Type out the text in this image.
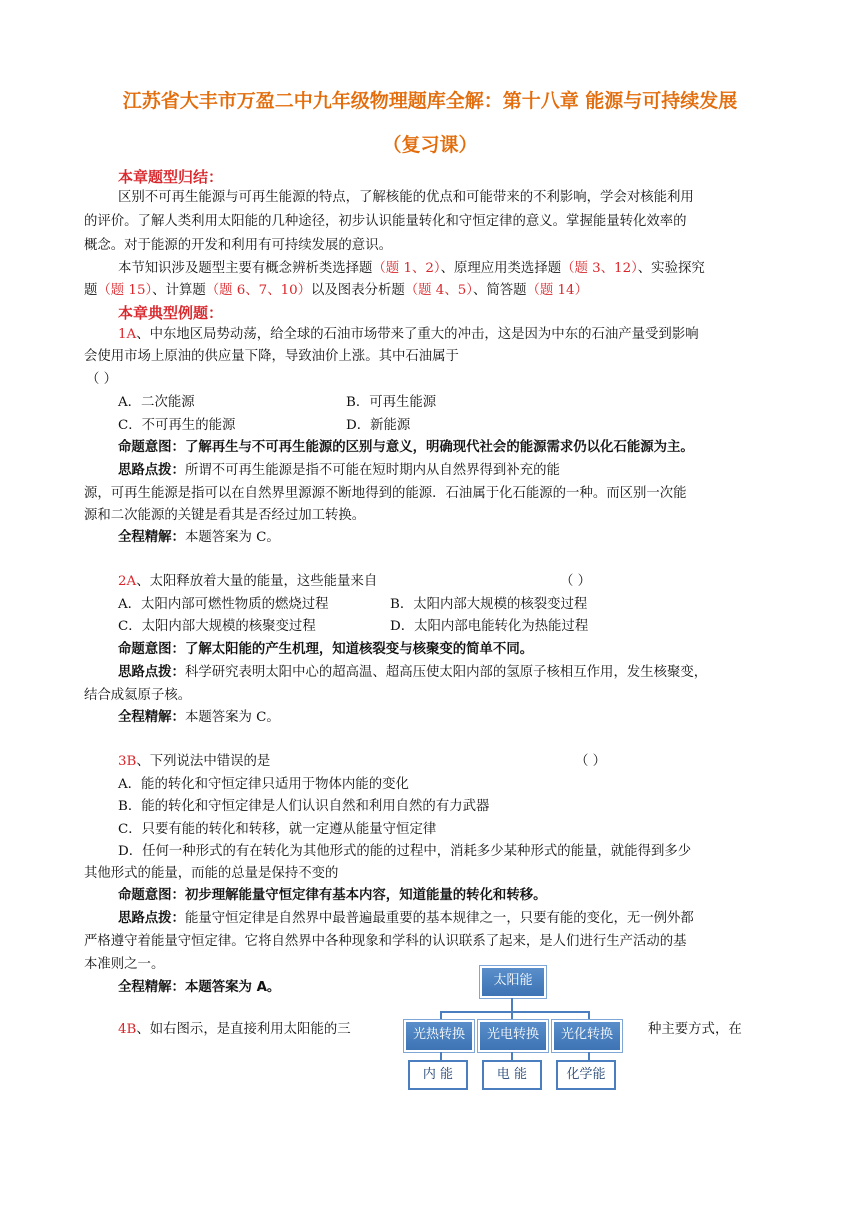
江苏省大丰市万盈二中九年级物理题库全解：第十八章 能源与可持续发展
（复习课）
本章题型归结：
区别不可再生能源与可再生能源的特点，了解核能的优点和可能带来的不利影响，学会对核能利用
的评价。了解人类利用太阳能的几种途径，初步认识能量转化和守恒定律的意义。掌握能量转化效率的
概念。对于能源的开发和利用有可持续发展的意识。
本节知识涉及题型主要有概念辨析类选择题（题 1、2）、原理应用类选择题（题 3、12）、实验探究
题（题 15）、计算题（题 6、7、10）以及图表分析题（题 4、5）、简答题（题 14）
本章典型例题：
1A、中东地区局势动荡，给全球的石油市场带来了重大的冲击，这是因为中东的石油产量受到影响
会使用市场上原油的供应量下降，导致油价上涨。其中石油属于
（ ）
A．二次能源	B．可再生能源
C．不可再生的能源	D．新能源
命题意图：了解再生与不可再生能源的区别与意义，明确现代社会的能源需求仍以化石能源为主。
思路点拨：所谓不可再生能源是指不可能在短时期内从自然界得到补充的能
源，可再生能源是指可以在自然界里源源不断地得到的能源．石油属于化石能源的一种。而区别一次能
源和二次能源的关键是看其是否经过加工转换。
全程精解：本题答案为 C。
2A、太阳释放着大量的能量，这些能量来自	（ ）
A．太阳内部可燃性物质的燃烧过程	B．太阳内部大规模的核裂变过程
C．太阳内部大规模的核聚变过程	D．太阳内部电能转化为热能过程
命题意图：了解太阳能的产生机理，知道核裂变与核聚变的简单不同。
思路点拨：科学研究表明太阳中心的超高温、超高压使太阳内部的氢原子核相互作用，发生核聚变，
结合成氦原子核。
全程精解：本题答案为 C。
3B、下列说法中错误的是	（ ）
A．能的转化和守恒定律只适用于物体内能的变化
B．能的转化和守恒定律是人们认识自然和利用自然的有力武器
C．只要有能的转化和转移，就一定遵从能量守恒定律
D．任何一种形式的有在转化为其他形式的能的过程中，消耗多少某种形式的能量，就能得到多少
其他形式的能量，而能的总量是保持不变的
命题意图：初步理解能量守恒定律有基本内容，知道能量的转化和转移。
思路点拨：能量守恒定律是自然界中最普遍最重要的基本规律之一，只要有能的变化，无一例外都
严格遵守着能量守恒定律。它将自然界中各种现象和学科的认识联系了起来，是人们进行生产活动的基
本准则之一。
全程精解：本题答案为 A。
4B、如右图示，是直接利用太阳能的三	种主要方式，在
太阳能
光热转换	光电转换	光化转换
内 能	电 能	化学能
